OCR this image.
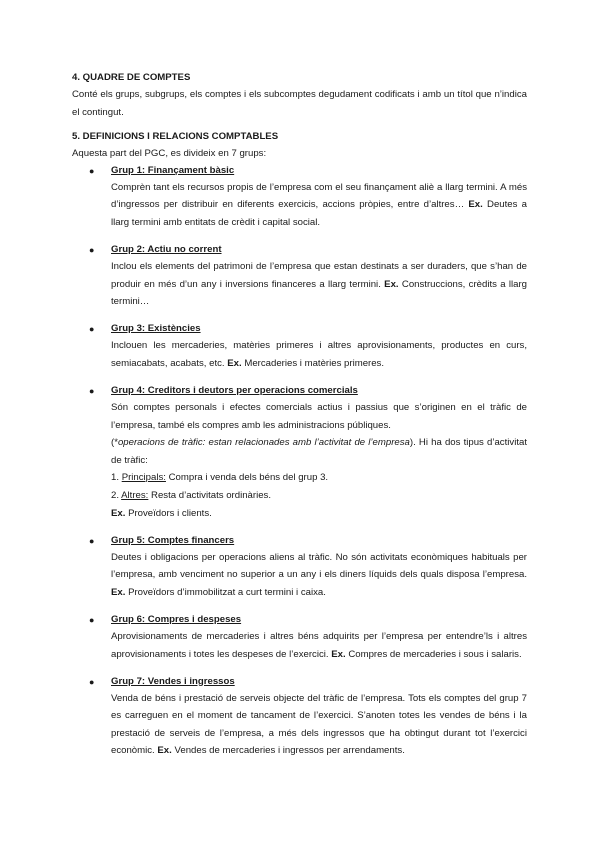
4. QUADRE DE COMPTES

Conté els grups, subgrups, els comptes i els subcomptes degudament codificats i amb un títol que n’indica el contingut.

5. DEFINICIONS I RELACIONS COMPTABLES

Aquesta part del PGC, es divideix en 7 grups:

● Grup 1: Finançament bàsic

Comprèn tant els recursos propis de l’empresa com el seu finançament aliè a llarg termini. A més d’ingressos per distribuir en diferents exercicis, accions pròpies, entre d’altres… Ex. Deutes a llarg termini amb entitats de crèdit i capital social.

● Grup 2: Actiu no corrent

Inclou els elements del patrimoni de l’empresa que estan destinats a ser duraders, que s’han de produir en més d’un any i inversions financeres a llarg termini. Ex. Construccions, crèdits a llarg termini…

● Grup 3: Existències

Inclouen les mercaderies, matèries primeres i altres aprovisionaments, productes en curs, semiacabats, acabats, etc. Ex. Mercaderies i matèries primeres.

● Grup 4: Creditors i deutors per operacions comercials

Són comptes personals i efectes comercials actius i passius que s’originen en el tràfic de l’empresa, també els compres amb les administracions públiques.

(*operacions de tràfic: estan relacionades amb l’activitat de l’empresa). Hi ha dos tipus d’activitat de tràfic:

1. Principals: Compra i venda dels béns del grup 3.

2. Altres: Resta d’activitats ordinàries.

Ex. Proveïdors i clients.

● Grup 5: Comptes financers

Deutes i obligacions per operacions aliens al tràfic. No són activitats econòmiques habituals per l’empresa, amb venciment no superior a un any i els diners líquids dels quals disposa l’empresa. Ex. Proveïdors d’immobilitzat a curt termini i caixa.

● Grup 6: Compres i despeses

Aprovisionaments de mercaderies i altres béns adquirits per l’empresa per entendre’ls i altres aprovisionaments i totes les despeses de l’exercici. Ex. Compres de mercaderies i sous i salaris.

● Grup 7: Vendes i ingressos

Venda de béns i prestació de serveis objecte del tràfic de l’empresa. Tots els comptes del grup 7 es carreguen en el moment de tancament de l’exercici. S’anoten totes les vendes de béns i la prestació de serveis de l’empresa, a més dels ingressos que ha obtingut durant tot l’exercici econòmic. Ex. Vendes de mercaderies i ingressos per arrendaments.
